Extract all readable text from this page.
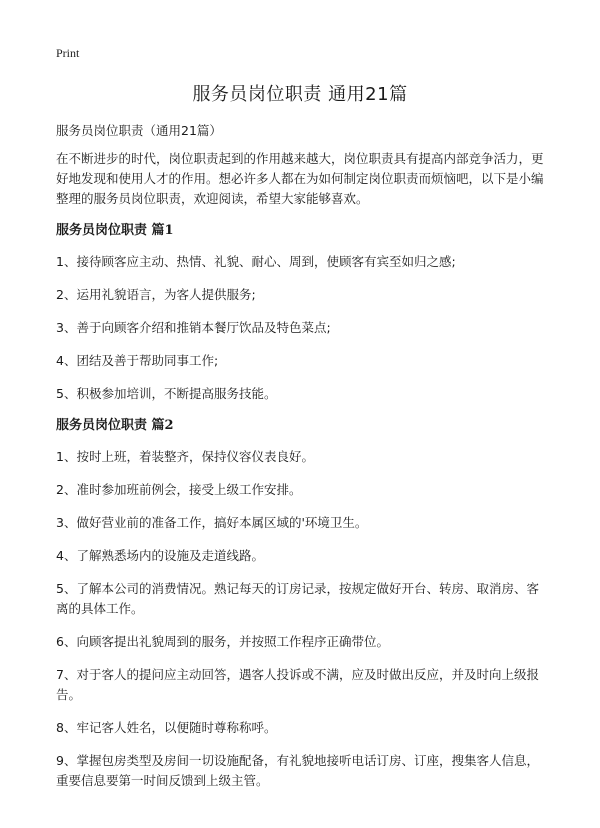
Print
服务员岗位职责 通用21篇

服务员岗位职责（通用21篇）

在不断进步的时代，岗位职责起到的作用越来越大，岗位职责具有提高内部竞争活力，更好地发现和使用人才的作用。想必许多人都在为如何制定岗位职责而烦恼吧，以下是小编整理的服务员岗位职责，欢迎阅读，希望大家能够喜欢。

服务员岗位职责 篇1

1、接待顾客应主动、热情、礼貌、耐心、周到，使顾客有宾至如归之感;

2、运用礼貌语言，为客人提供服务;

3、善于向顾客介绍和推销本餐厅饮品及特色菜点;

4、团结及善于帮助同事工作;

5、积极参加培训，不断提高服务技能。

服务员岗位职责 篇2

1、按时上班，着装整齐，保持仪容仪表良好。

2、准时参加班前例会，接受上级工作安排。

3、做好营业前的准备工作，搞好本属区域的'环境卫生。

4、了解熟悉场内的设施及走道线路。

5、了解本公司的消费情况。熟记每天的订房记录，按规定做好开台、转房、取消房、客离的具体工作。

6、向顾客提出礼貌周到的服务，并按照工作程序正确带位。

7、对于客人的提问应主动回答，遇客人投诉或不满，应及时做出反应，并及时向上级报告。

8、牢记客人姓名，以便随时尊称称呼。

9、掌握包房类型及房间一切设施配备，有礼貌地接听电话订房、订座，搜集客人信息，重要信息要第一时间反馈到上级主管。
